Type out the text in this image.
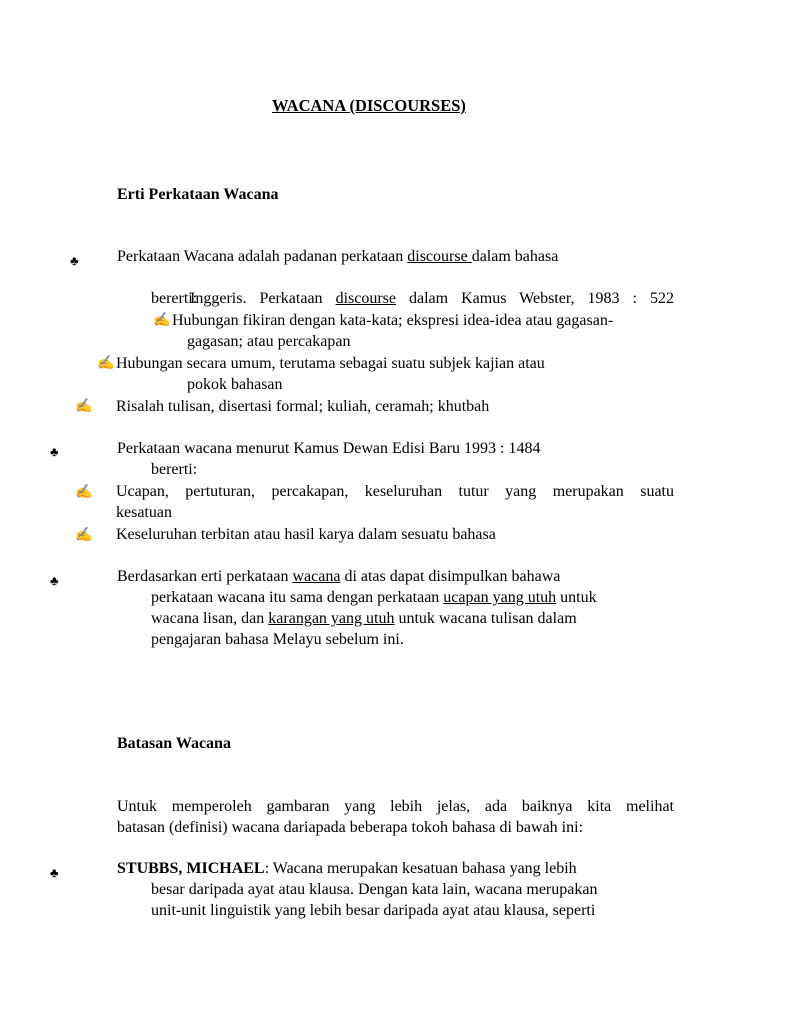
WACANA (DISCOURSES)
Erti Perkataan Wacana
♣ Perkataan Wacana adalah padanan perkataan discourse dalam bahasa

Inggeris.  Perkataan  discourse  dalam  Kamus  Webster,  1983  :  522

bererti:
✍ Hubungan fikiran dengan kata-kata; ekspresi idea-idea atau gagasan-
gagasan; atau percakapan
✍ Hubungan secara umum, terutama sebagai suatu subjek kajian atau
pokok bahasan
✍ Risalah tulisan, disertasi formal; kuliah, ceramah; khutbah
♣	Perkataan wacana menurut Kamus Dewan Edisi Baru 1993 : 1484
bererti:
✍ Ucapan,  pertuturan,  percakapan,  keseluruhan  tutur  yang  merupakan  suatu
kesatuan
✍ Keseluruhan terbitan atau hasil karya dalam sesuatu bahasa
♣	Berdasarkan erti perkataan wacana di atas dapat disimpulkan bahawa
perkataan wacana itu sama dengan perkataan ucapan yang utuh untuk
wacana lisan, dan karangan yang utuh untuk wacana tulisan dalam
pengajaran bahasa Melayu sebelum ini.
Batasan Wacana
Untuk  memperoleh  gambaran  yang  lebih  jelas,  ada  baiknya  kita  melihat
batasan (definisi) wacana dariapada beberapa tokoh bahasa di bawah ini:
♣	STUBBS, MICHAEL: Wacana merupakan kesatuan bahasa yang lebih
besar daripada ayat atau klausa. Dengan kata lain, wacana merupakan
unit-unit linguistik yang lebih besar daripada ayat atau klausa, seperti
